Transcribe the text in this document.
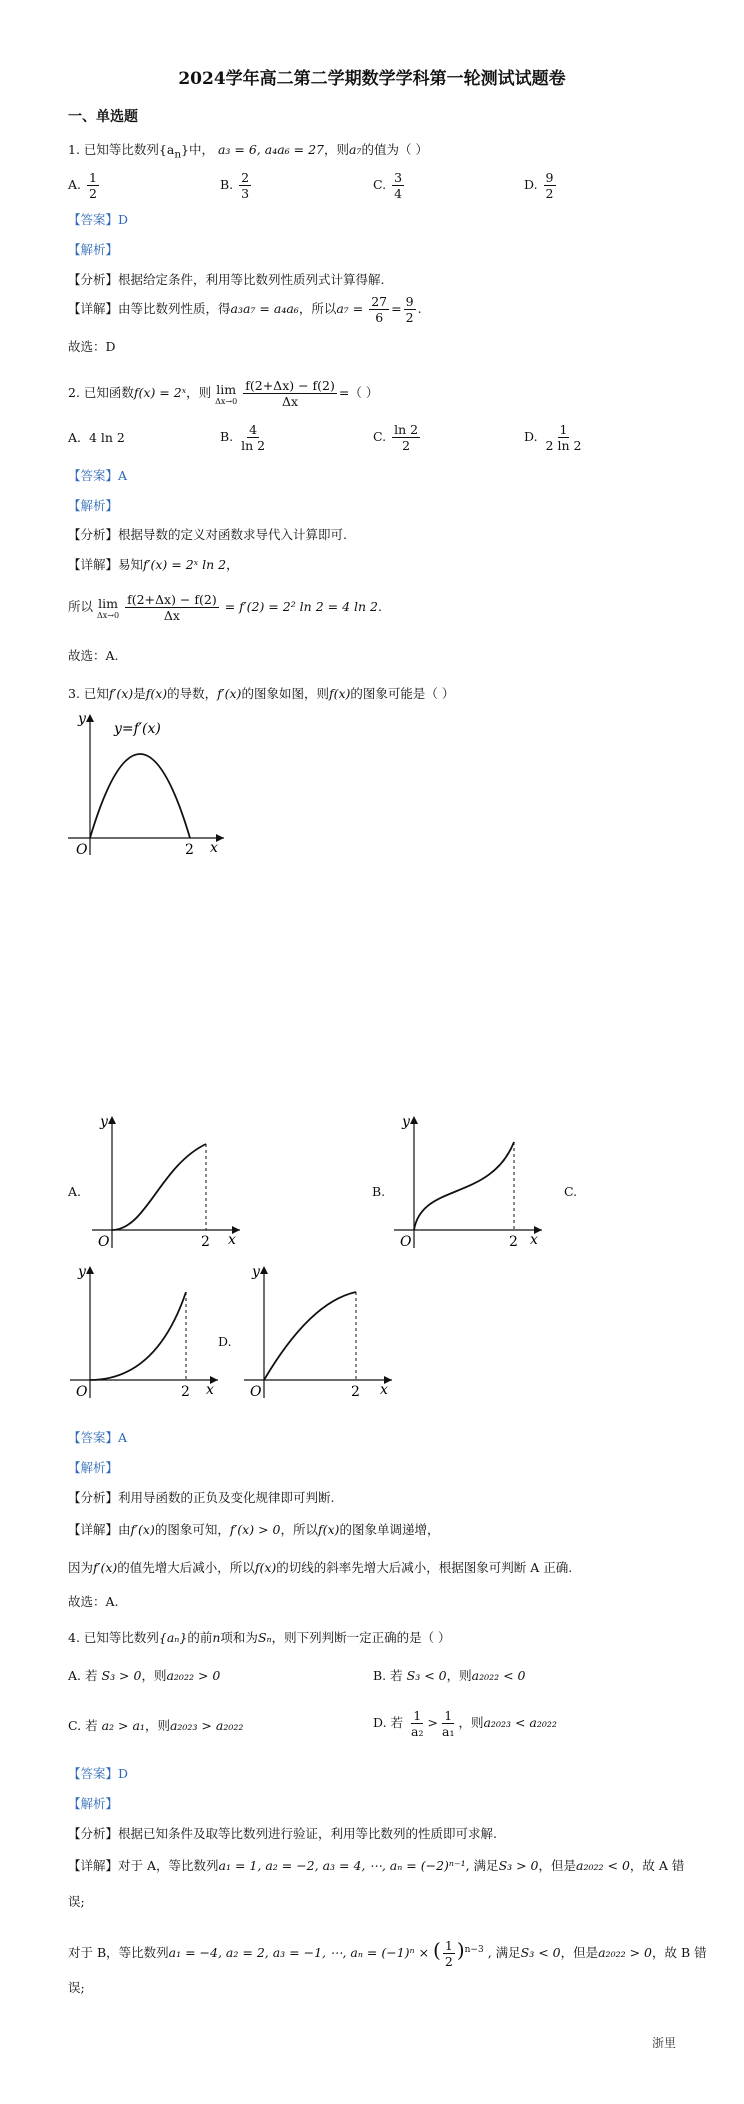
2024学年高二第二学期数学学科第一轮测试试题卷
一、单选题
1. 已知等比数列$\{a_n\}$中， a₃ = 6, a₄a₆ = 27，则a₇的值为（ ）
A. $\frac{1}{2}$	B. $\frac{2}{3}$	C. $\frac{3}{4}$	D. $\frac{9}{2}$
【答案】D
【解析】
【分析】根据给定条件，利用等比数列性质列式计算得解.
【详解】由等比数列性质，得a₃a₇ = a₄a₆，所以$a_7 = \frac{27}{6} = \frac{9}{2}$ .
故选：D
2. 已知函数f(x) = 2ˣ，则 lim
Δx→0
$\frac{f(2+\Delta x) - f(2)}{\Delta x}$ =（ ）
A. 4 ln 2	B. $\frac{4}{\ln 2}$	C. $\frac{\ln 2}{2}$	D. $\frac{1}{2 \ln 2}$
【答案】A
【解析】
【分析】根据导数的定义对函数求导代入计算即可.
【详解】易知f′(x) = 2ˣ ln 2，
所以 lim
Δx→0
$\frac{f(2+\Delta x) - f(2)}{\Delta x} = f'(2) = 2^2$ ln 2 = 4 ln 2.
故选：A.
3. 已知f′(x)是f(x)的导数，f′(x)的图象如图，则f(x)的图象可能是（ ）
y
y=f′(x)
O	2 x
A.
y
O	2 x
B.
y
O	2 x
C.
y
O	2 x
D.
y
O	2 x
【答案】A
【解析】
【分析】利用导函数的正负及变化规律即可判断.
【详解】由f′(x)的图象可知，f′(x) > 0，所以f(x)的图象单调递增，
因为f′(x)的值先增大后减小，所以f(x)的切线的斜率先增大后减小，根据图象可判断 A 正确.
故选：A.
4. 已知等比数列{aₙ}的前n项和为Sₙ，则下列判断一定正确的是（ ）
A. 若 S₃ > 0，则a₂₀₂₂ > 0	B. 若 S₃ < 0，则a₂₀₂₂ < 0
C. 若 a₂ > a₁，则a₂₀₂₃ > a₂₀₂₂	D. 若 $\frac{1}{\text{a₂}} > \frac{1}{\text{a₁}}$ ，则a₂₀₂₃ < a₂₀₂₂
【答案】D
【解析】
【分析】根据已知条件及取等比数列进行验证，利用等比数列的性质即可求解.
【详解】对于 A，等比数列a₁ = 1, a₂ = −2, a₃ = 4, ⋯, aₙ = (−2)ⁿ⁻¹, 满足S₃ > 0，但是a₂₀₂₂ < 0，故 A 错
误;
对于 B，等比数列a₁ = −4, a₂ = 2, a₃ = −1, ⋯, aₙ = (−1)ⁿ × ( $\frac{1}{2} )^{n-3}$ , 满足S₃ < 0，但是a₂₀₂₂ > 0，故 B 错
误;
浙里
